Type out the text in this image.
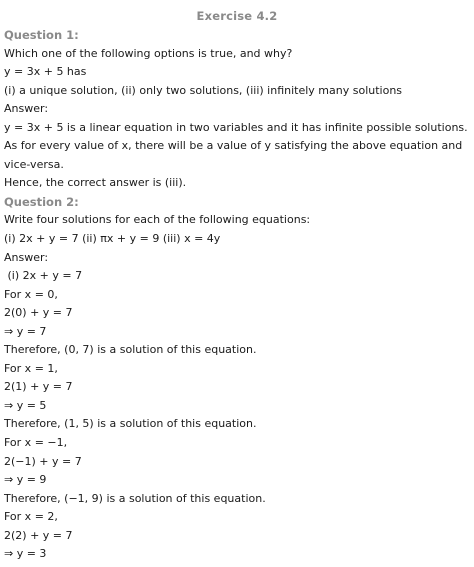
Exercise 4.2
Question 1:
Which one of the following options is true, and why?
y = 3x + 5 has
(i) a unique solution, (ii) only two solutions, (iii) infinitely many solutions
Answer:
y = 3x + 5 is a linear equation in two variables and it has infinite possible solutions.
As for every value of x, there will be a value of y satisfying the above equation and
vice-versa.
Hence, the correct answer is (iii).
Question 2:
Write four solutions for each of the following equations:
(i) 2x + y = 7 (ii) πx + y = 9 (iii) x = 4y
Answer:
(i) 2x + y = 7
For x = 0,
2(0) + y = 7
⇒ y = 7
Therefore, (0, 7) is a solution of this equation.
For x = 1,
2(1) + y = 7
⇒ y = 5
Therefore, (1, 5) is a solution of this equation.
For x = −1,
2(−1) + y = 7
⇒ y = 9
Therefore, (−1, 9) is a solution of this equation.
For x = 2,
2(2) + y = 7
⇒ y = 3
